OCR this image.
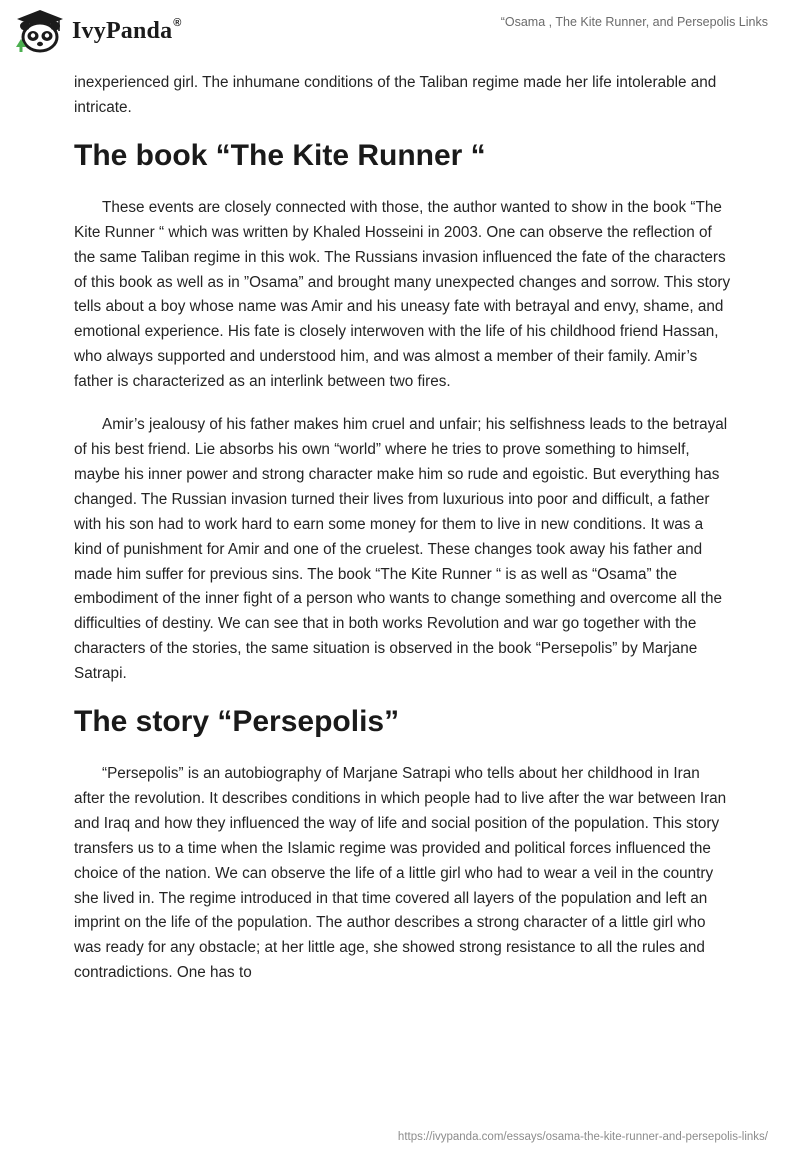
IvyPanda®	“Osama , The Kite Runner, and Persepolis Links

inexperienced girl. The inhumane conditions of the Taliban regime made her life intolerable and intricate.

The book “The Kite Runner “

These events are closely connected with those, the author wanted to show in the book “The Kite Runner “ which was written by Khaled Hosseini in 2003. One can observe the reflection of the same Taliban regime in this wok. The Russians invasion influenced the fate of the characters of this book as well as in ”Osama” and brought many unexpected changes and sorrow. This story tells about a boy whose name was Amir and his uneasy fate with betrayal and envy, shame, and emotional experience. His fate is closely interwoven with the life of his childhood friend Hassan, who always supported and understood him, and was almost a member of their family. Amir’s father is characterized as an interlink between two fires.

Amir’s jealousy of his father makes him cruel and unfair; his selfishness leads to the betrayal of his best friend. Lie absorbs his own “world” where he tries to prove something to himself, maybe his inner power and strong character make him so rude and egoistic. But everything has changed. The Russian invasion turned their lives from luxurious into poor and difficult, a father with his son had to work hard to earn some money for them to live in new conditions. It was a kind of punishment for Amir and one of the cruelest. These changes took away his father and made him suffer for previous sins. The book “The Kite Runner “ is as well as “Osama” the embodiment of the inner fight of a person who wants to change something and overcome all the difficulties of destiny. We can see that in both works Revolution and war go together with the characters of the stories, the same situation is observed in the book “Persepolis” by Marjane Satrapi.

The story “Persepolis”

“Persepolis” is an autobiography of Marjane Satrapi who tells about her childhood in Iran after the revolution. It describes conditions in which people had to live after the war between Iran and Iraq and how they influenced the way of life and social position of the population. This story transfers us to a time when the Islamic regime was provided and political forces influenced the choice of the nation. We can observe the life of a little girl who had to wear a veil in the country she lived in. The regime introduced in that time covered all layers of the population and left an imprint on the life of the population. The author describes a strong character of a little girl who was ready for any obstacle; at her little age, she showed strong resistance to all the rules and contradictions. One has to

https://ivypanda.com/essays/osama-the-kite-runner-and-persepolis-links/
